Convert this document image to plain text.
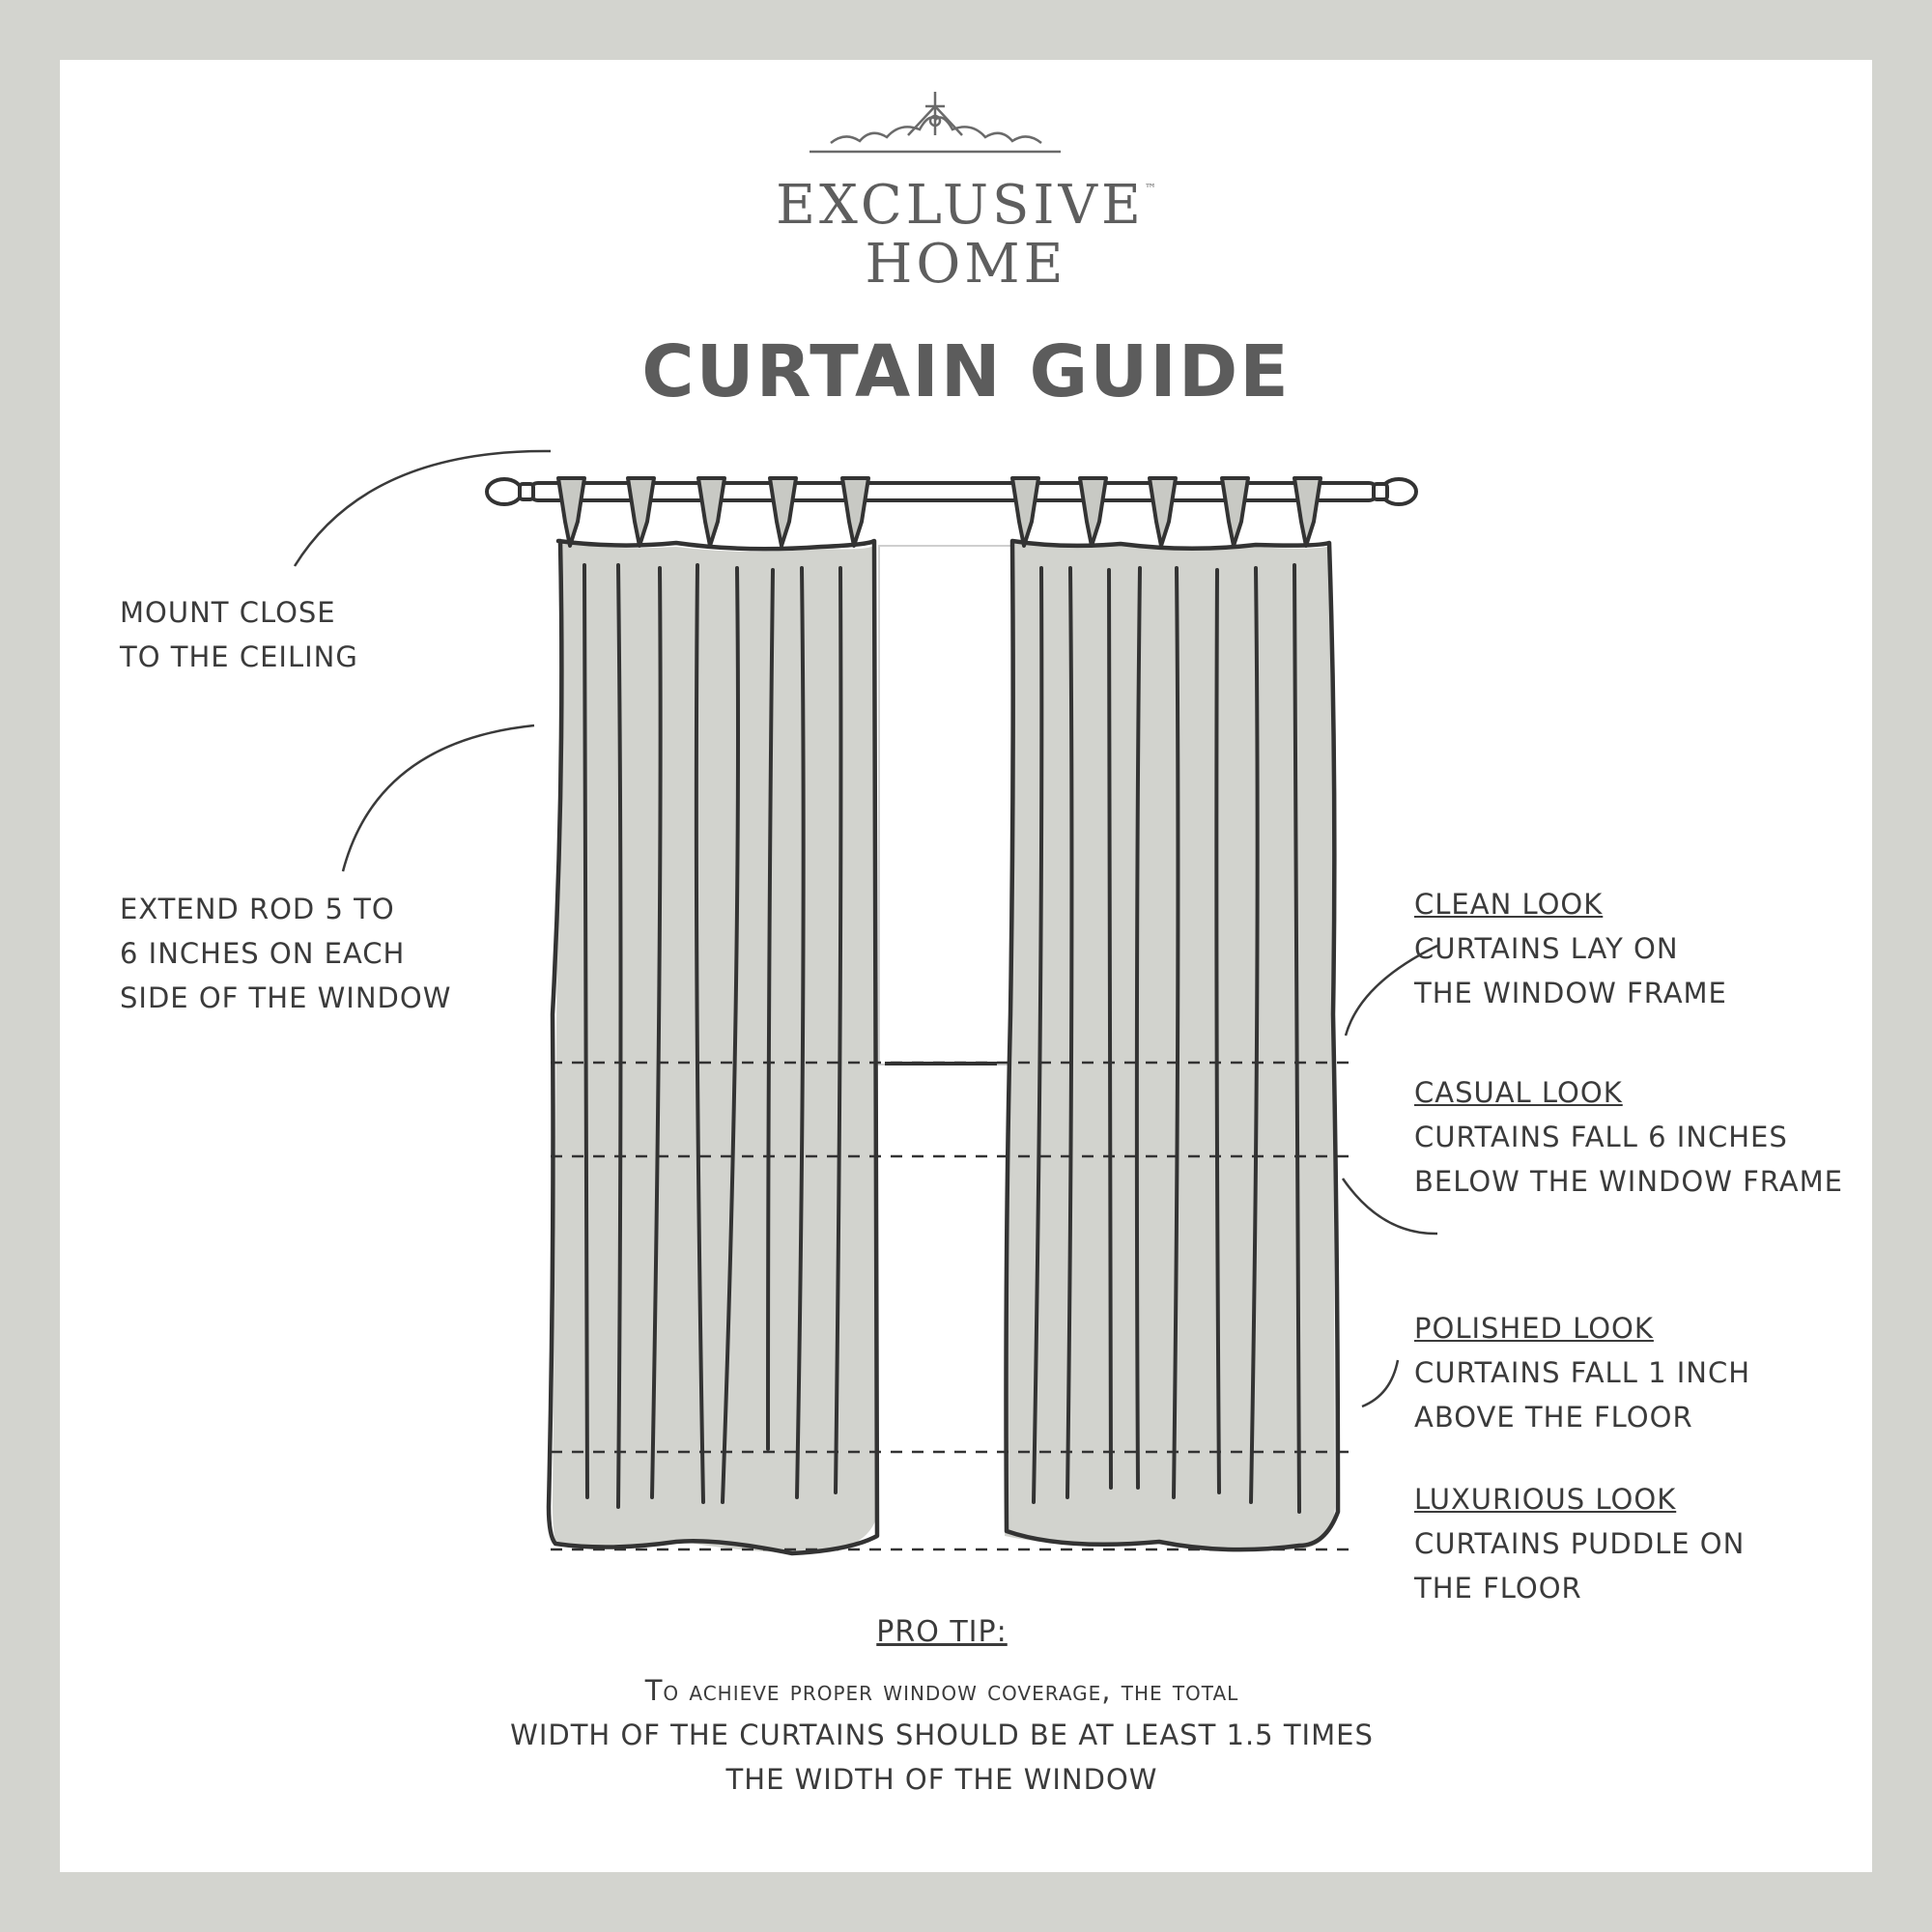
EXCLUSIVE™
HOME
CURTAIN GUIDE
MOUNT CLOSE
TO THE CEILING
EXTEND ROD 5 TO
6 INCHES ON EACH
SIDE OF THE WINDOW
CLEAN LOOK
CURTAINS LAY ON
THE WINDOW FRAME
CASUAL LOOK
CURTAINS FALL 6 INCHES
BELOW THE WINDOW FRAME
POLISHED LOOK
CURTAINS FALL 1 INCH
ABOVE THE FLOOR
LUXURIOUS LOOK
CURTAINS PUDDLE ON
THE FLOOR
PRO TIP:
To achieve proper window coverage, the total
WIDTH OF THE CURTAINS SHOULD BE AT LEAST 1.5 TIMES
THE WIDTH OF THE WINDOW
